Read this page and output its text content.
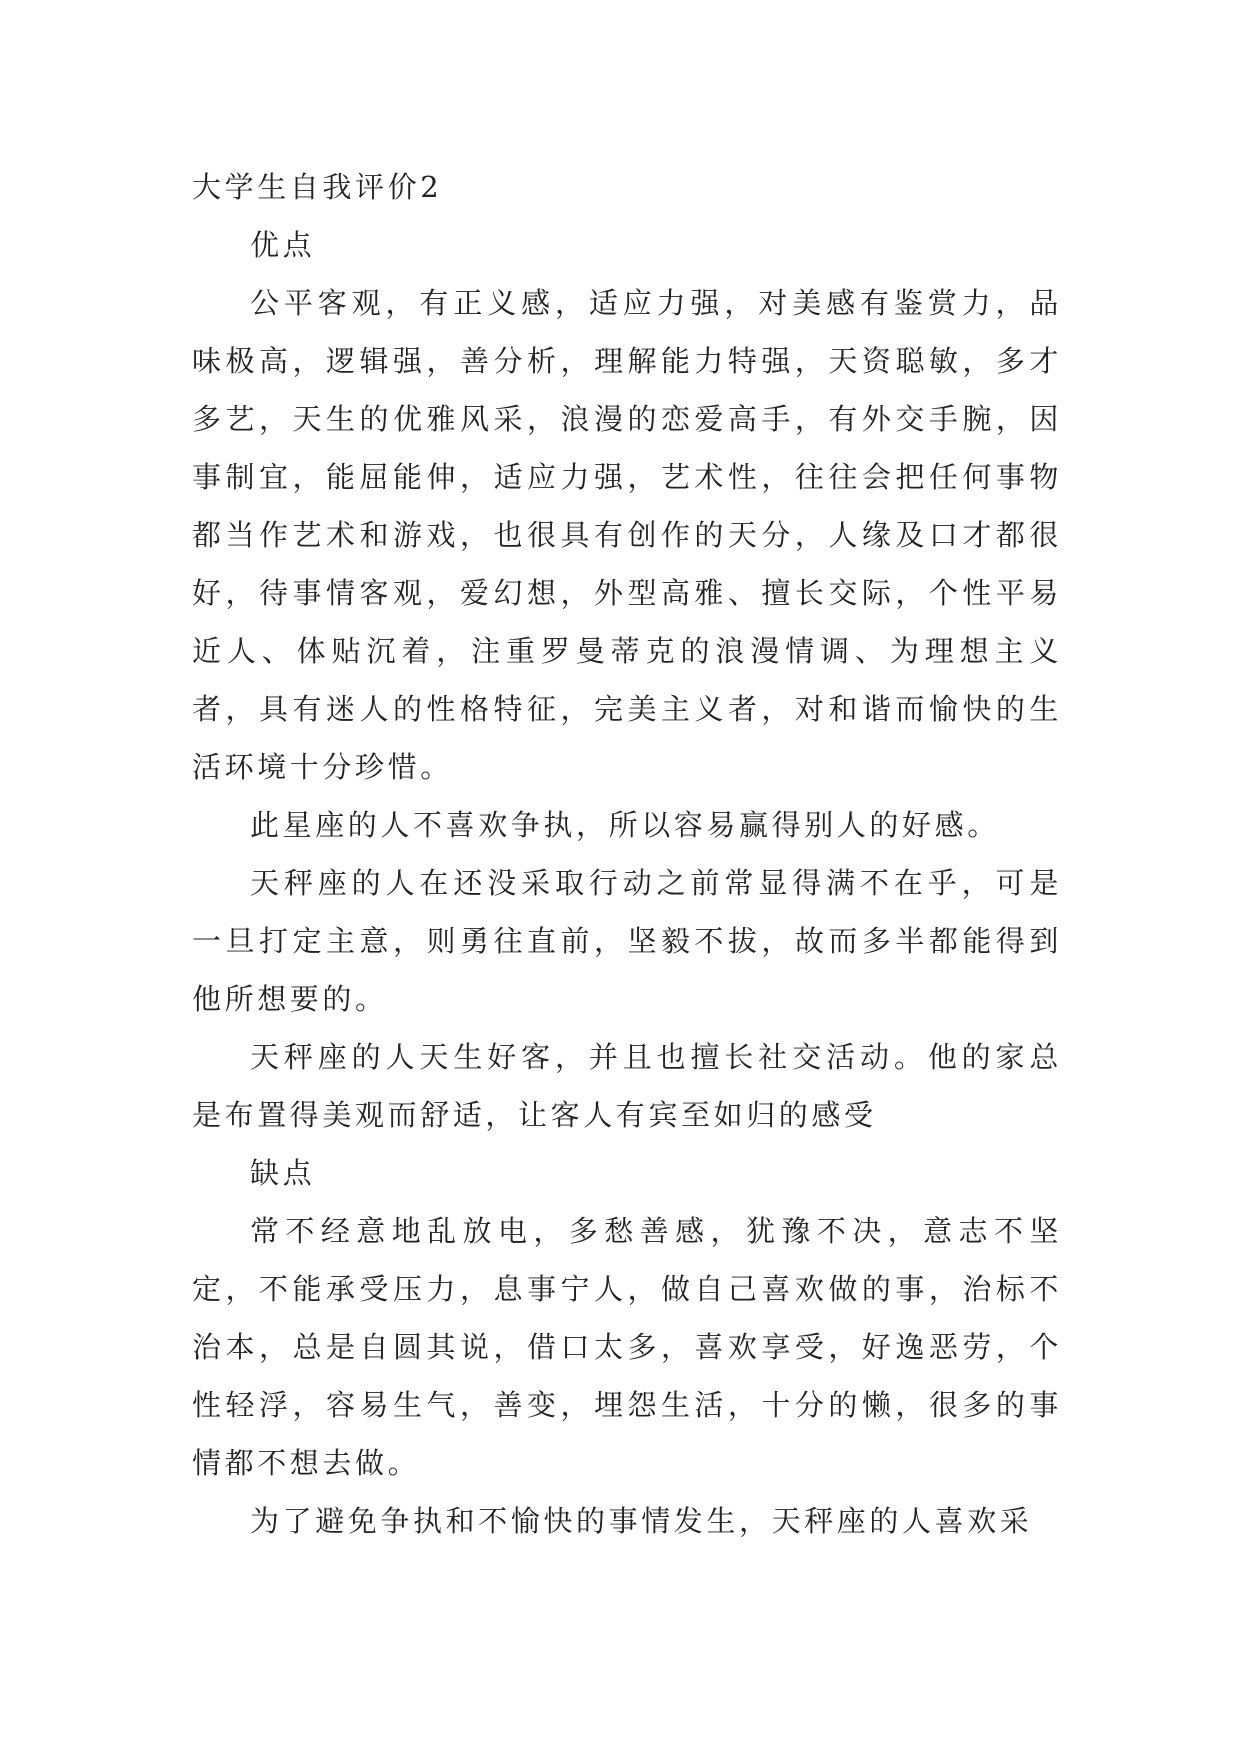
大学生自我评价2

优点

公平客观，有正义感，适应力强，对美感有鉴赏力，品味极高，逻辑强，善分析，理解能力特强，天资聪敏，多才多艺，天生的优雅风采，浪漫的恋爱高手，有外交手腕，因事制宜，能屈能伸，适应力强，艺术性，往往会把任何事物都当作艺术和游戏，也很具有创作的天分，人缘及口才都很好，待事情客观，爱幻想，外型高雅、擅长交际，个性平易近人、体贴沉着，注重罗曼蒂克的浪漫情调、为理想主义者，具有迷人的性格特征，完美主义者，对和谐而愉快的生活环境十分珍惜。

此星座的人不喜欢争执，所以容易赢得别人的好感。

天秤座的人在还没采取行动之前常显得满不在乎，可是一旦打定主意，则勇往直前，坚毅不拔，故而多半都能得到他所想要的。

天秤座的人天生好客，并且也擅长社交活动。他的家总是布置得美观而舒适，让客人有宾至如归的感受

缺点

常不经意地乱放电，多愁善感，犹豫不决，意志不坚定，不能承受压力，息事宁人，做自己喜欢做的事，治标不治本，总是自圆其说，借口太多，喜欢享受，好逸恶劳，个性轻浮，容易生气，善变，埋怨生活，十分的懒，很多的事情都不想去做。

为了避免争执和不愉快的事情发生，天秤座的人喜欢采
